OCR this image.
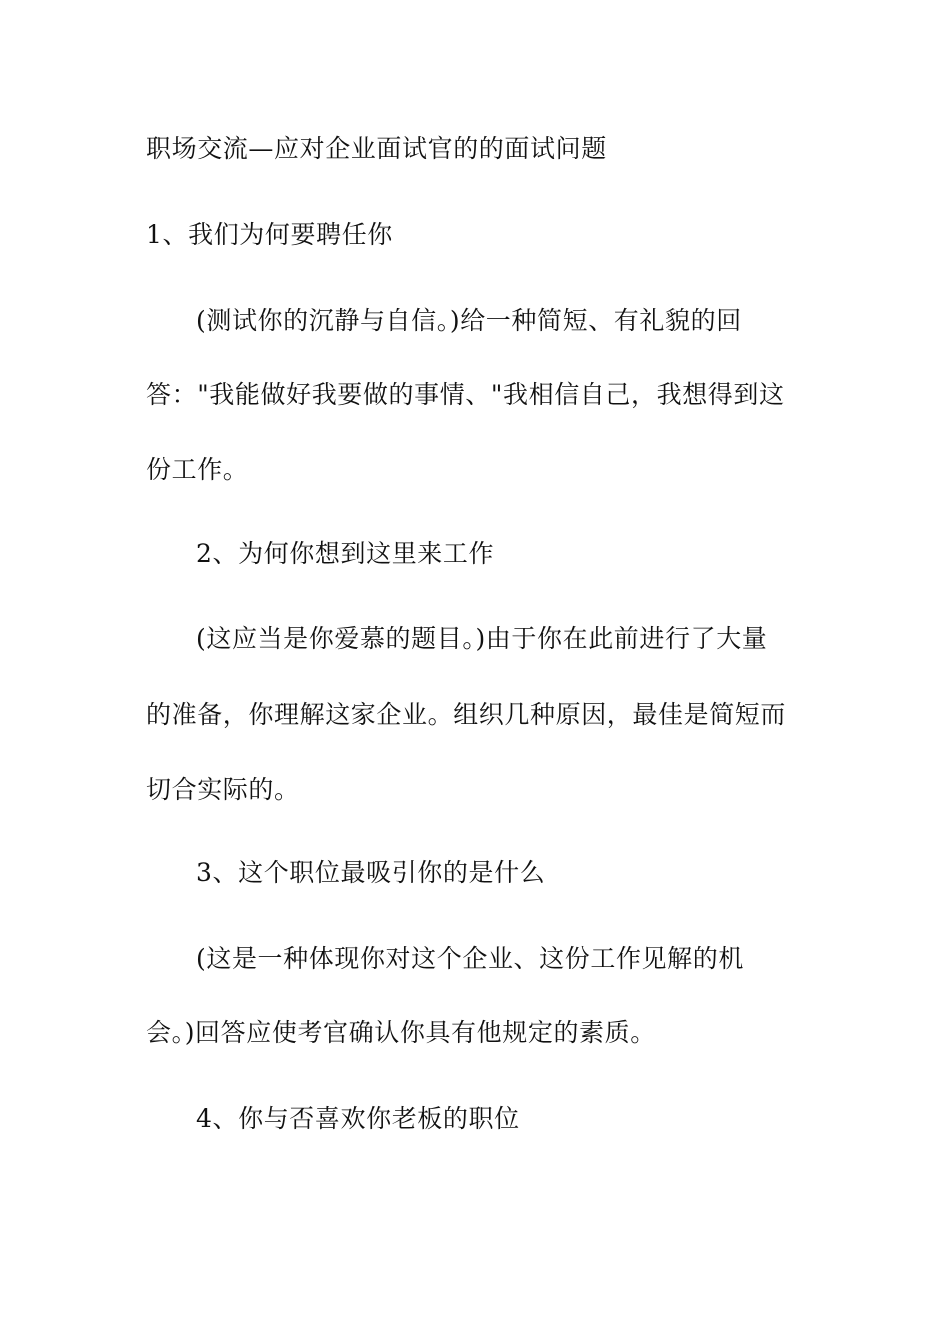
职场交流—应对企业面试官的的面试问题
1、我们为何要聘任你
(测试你的沉静与自信。)给一种简短、有礼貌的回
答："我能做好我要做的事情、"我相信自己，我想得到这
份工作。
2、为何你想到这里来工作
(这应当是你爱慕的题目。)由于你在此前进行了大量
的准备，你理解这家企业。组织几种原因，最佳是简短而
切合实际的。
3、这个职位最吸引你的是什么
(这是一种体现你对这个企业、这份工作见解的机
会。)回答应使考官确认你具有他规定的素质。
4、你与否喜欢你老板的职位
